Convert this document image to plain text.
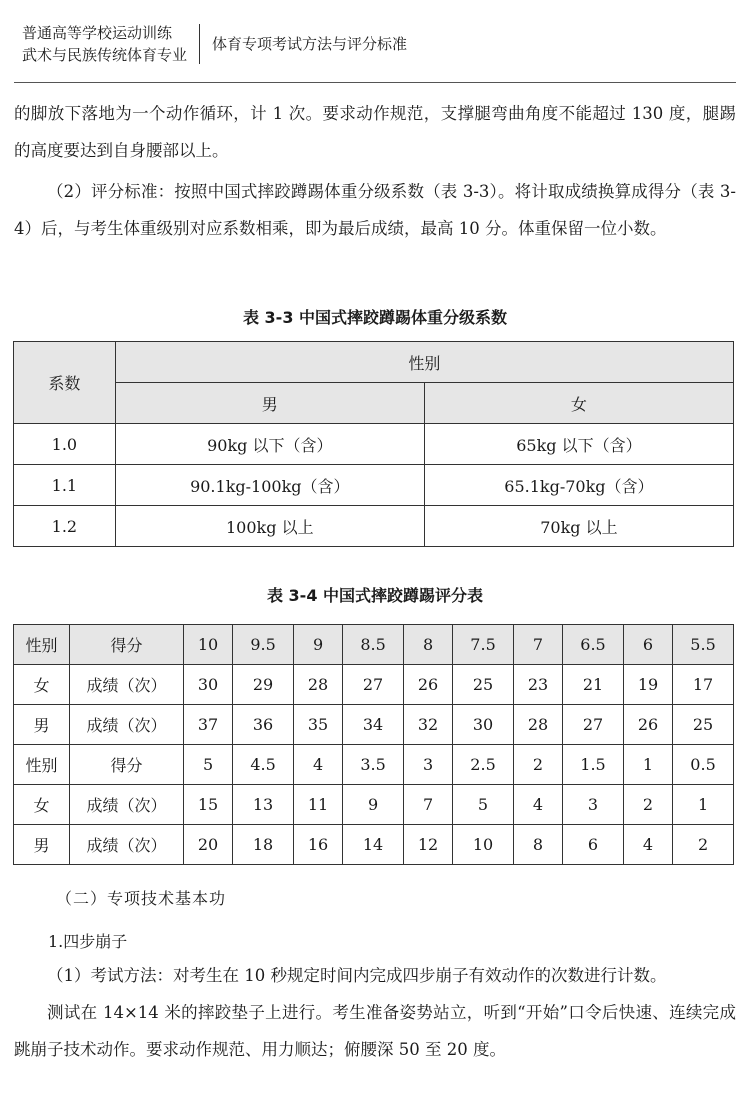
普通高等学校运动训练
武术与民族传统体育专业
体育专项考试方法与评分标准
的脚放下落地为一个动作循环，计 1 次。要求动作规范，支撑腿弯曲角度不能超过 130 度，腿踢的高度要达到自身腰部以上。
（2）评分标准：按照中国式摔跤蹲踢体重分级系数（表 3-3）。将计取成绩换算成得分（表 3-4）后，与考生体重级别对应系数相乘，即为最后成绩，最高 10 分。体重保留一位小数。
表 3-3 中国式摔跤蹲踢体重分级系数
系数	性别	
	男	女
1.0	90kg 以下（含）	65kg 以下（含）
1.1	90.1kg-100kg（含）	65.1kg-70kg（含）
1.2	100kg 以上	70kg 以上
表 3-4 中国式摔跤蹲踢评分表
性别	得分	10	9.5	9	8.5	8	7.5	7	6.5	6	5.5
女	成绩（次）	30	29	28	27	26	25	23	21	19	17
男	成绩（次）	37	36	35	34	32	30	28	27	26	25
性别	得分	5	4.5	4	3.5	3	2.5	2	1.5	1	0.5
女	成绩（次）	15	13	11	9	7	5	4	3	2	1
男	成绩（次）	20	18	16	14	12	10	8	6	4	2
（二）专项技术基本功
1.四步崩子
（1）考试方法：对考生在 10 秒规定时间内完成四步崩子有效动作的次数进行计数。
测试在 14×14 米的摔跤垫子上进行。考生准备姿势站立，听到“开始”口令后快速、连续完成跳崩子技术动作。要求动作规范、用力顺达；俯腰深 50 至 20 度。
